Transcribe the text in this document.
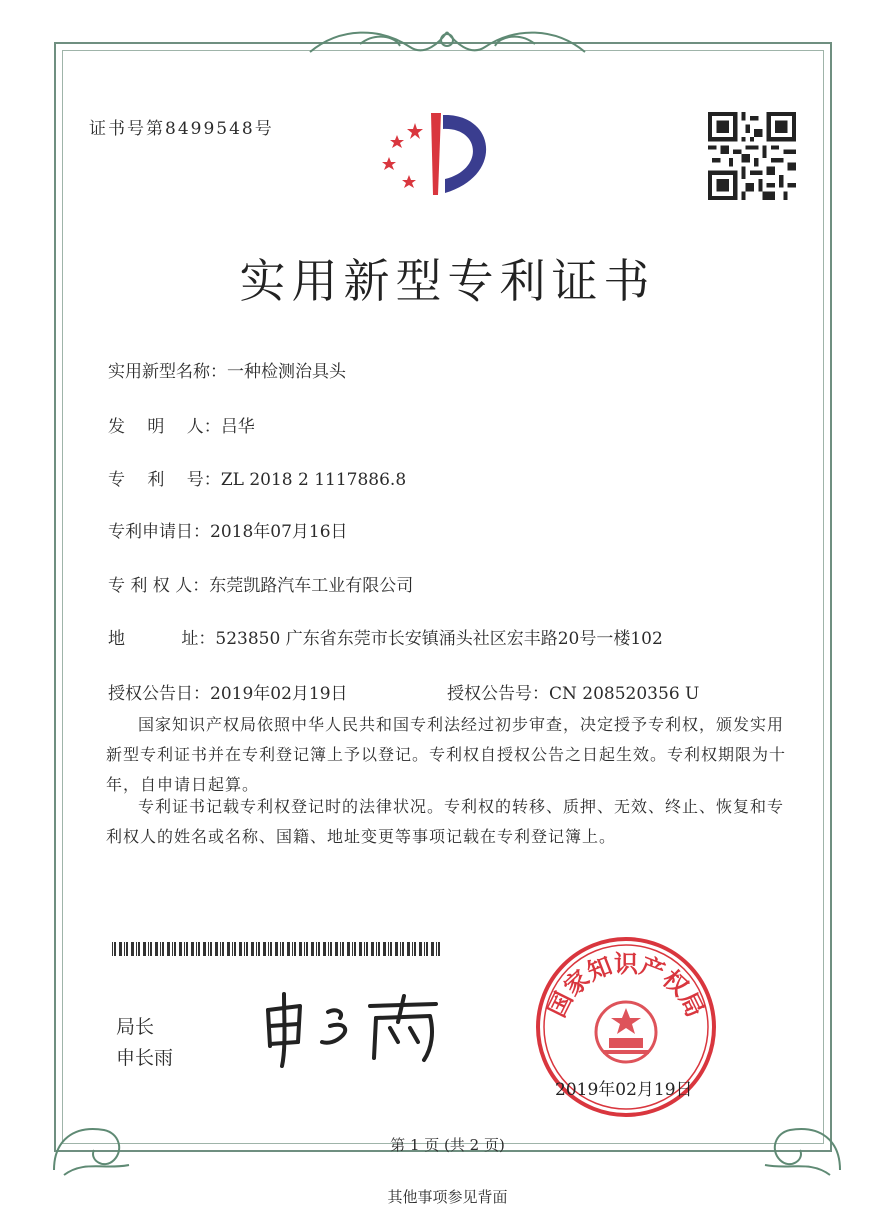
证书号第8499548号
实用新型专利证书
实用新型名称：一种检测治具头
发　 明　 人：吕华
专　 利　 号：ZL 2018 2 1117886.8
专利申请日：2018年07月16日
专 利 权 人：东莞凯路汽车工业有限公司
地　　　 址：523850 广东省东莞市长安镇涌头社区宏丰路20号一楼102
授权公告日：2019年02月19日	授权公告号：CN 208520356 U
国家知识产权局依照中华人民共和国专利法经过初步审查，决定授予专利权，颁发实用新型专利证书并在专利登记簿上予以登记。专利权自授权公告之日起生效。专利权期限为十年，自申请日起算。
专利证书记载专利权登记时的法律状况。专利权的转移、质押、无效、终止、恢复和专利权人的姓名或名称、国籍、地址变更等事项记载在专利登记簿上。
局长
申长雨
国家知识产权局
2019年02月19日
第 1 页 (共 2 页)
其他事项参见背面
